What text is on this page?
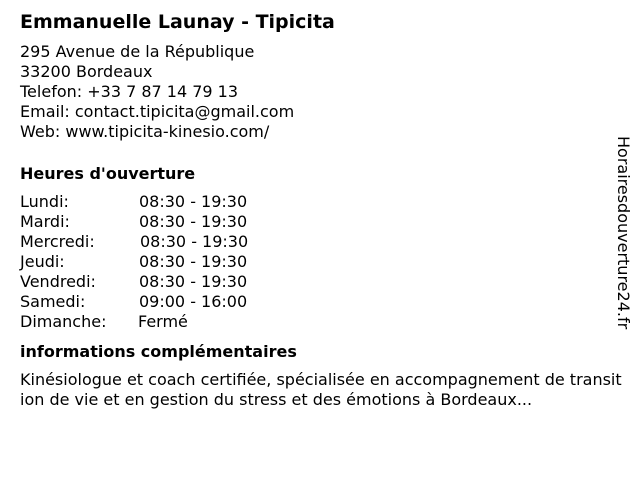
Emmanuelle Launay - Tipicita
295 Avenue de la République
33200 Bordeaux
Telefon: +33 7 87 14 79 13
Email: contact.tipicita@gmail.com
Web: www.tipicita-kinesio.com/
Heures d'ouverture
Lundi:	08:30 - 19:30
Mardi:	08:30 - 19:30
Mercredi:	08:30 - 19:30
Jeudi:	08:30 - 19:30
Vendredi:	08:30 - 19:30
Samedi:	09:00 - 16:00
Dimanche: Fermé
informations complémentaires
Kinésiologue et coach certifiée, spécialisée en accompagnement de transition de vie et en gestion du stress et des émotions à Bordeaux...
Horairesdouverture24.fr
